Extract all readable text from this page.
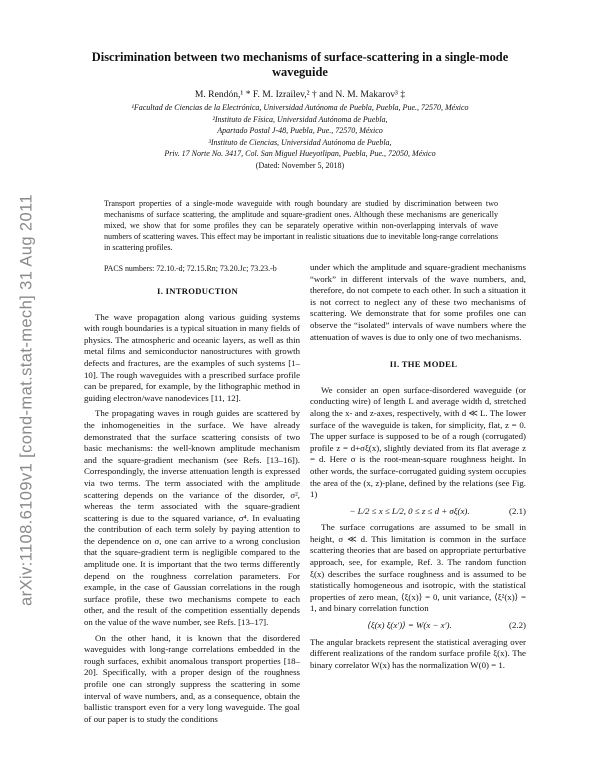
arXiv:1108.6109v1 [cond-mat.stat-mech] 31 Aug 2011
Discrimination between two mechanisms of surface-scattering in a single-mode waveguide
M. Rendón,¹ * F. M. Izrailev,² † and N. M. Makarov³ ‡
¹Facultad de Ciencias de la Electrónica, Universidad Autónoma de Puebla, Puebla, Pue., 72570, México
²Instituto de Física, Universidad Autónoma de Puebla,
Apartado Postal J-48, Puebla, Pue., 72570, México
³Instituto de Ciencias, Universidad Autónoma de Puebla,
Priv. 17 Norte No. 3417, Col. San Miguel Hueyotlipan, Puebla, Pue., 72050, México
(Dated: November 5, 2018)
Transport properties of a single-mode waveguide with rough boundary are studied by discrimination between two mechanisms of surface scattering, the amplitude and square-gradient ones. Although these mechanisms are generically mixed, we show that for some profiles they can be separately operative within non-overlapping intervals of wave numbers of scattering waves. This effect may be important in realistic situations due to inevitable long-range correlations in scattering profiles.
PACS numbers: 72.10.-d; 72.15.Rn; 73.20.Jc; 73.23.-b

I. INTRODUCTION

The wave propagation along various guiding systems with rough boundaries is a typical situation in many fields of physics. The atmospheric and oceanic layers, as well as thin metal films and semiconductor nanostructures with growth defects and fractures, are the examples of such systems [1–10]. The rough waveguides with a prescribed surface profile can be prepared, for example, by the lithographic method in guiding electron/wave nanodevices [11, 12].

The propagating waves in rough guides are scattered by the inhomogeneities in the surface. We have already demonstrated that the surface scattering consists of two basic mechanisms: the well-known amplitude mechanism and the square-gradient mechanism (see Refs. [13–16]). Correspondingly, the inverse attenuation length is expressed via two terms. The term associated with the amplitude scattering depends on the variance of the disorder, σ², whereas the term associated with the square-gradient scattering is due to the squared variance, σ⁴. In evaluating the contribution of each term solely by paying attention to the dependence on σ, one can arrive to a wrong conclusion that the square-gradient term is negligible compared to the amplitude one. It is important that the two terms differently depend on the roughness correlation parameters. For example, in the case of Gaussian correlations in the rough surface profile, these two mechanisms compete to each other, and the result of the competition essentially depends on the value of the wave number, see Refs. [13–17].

On the other hand, it is known that the disordered waveguides with long-range correlations embedded in the rough surfaces, exhibit anomalous transport properties [18–20]. Specifically, with a proper design of the roughness profile one can strongly suppress the scattering in some interval of wave numbers, and, as a consequence, obtain the ballistic transport even for a very long waveguide. The goal of our paper is to study the conditions

under which the amplitude and square-gradient mechanisms “work” in different intervals of the wave numbers, and, therefore, do not compete to each other. In such a situation it is not correct to neglect any of these two mechanisms of scattering. We demonstrate that for some profiles one can observe the “isolated” intervals of wave numbers where the attenuation of waves is due to only one of two mechanisms.

II. THE MODEL

We consider an open surface-disordered waveguide (or conducting wire) of length L and average width d, stretched along the x- and z-axes, respectively, with d ≪ L. The lower surface of the waveguide is taken, for simplicity, flat, z = 0. The upper surface is supposed to be of a rough (corrugated) profile z = d+σξ(x), slightly deviated from its flat average z = d. Here σ is the root-mean-square roughness height. In other words, the surface-corrugated guiding system occupies the area of the (x, z)-plane, defined by the relations (see Fig. 1)

− L/2 ≤ x ≤ L/2, 0 ≤ z ≤ d + σξ(x).	(2.1)

The surface corrugations are assumed to be small in height, σ ≪ d. This limitation is common in the surface scattering theories that are based on appropriate perturbative approach, see, for example, Ref. 3. The random function ξ(x) describes the surface roughness and is assumed to be statistically homogeneous and isotropic, with the statistical properties of zero mean, ⟨ξ(x)⟩ = 0, unit variance, ⟨ξ²(x)⟩ = 1, and binary correlation function

⟨ξ(x) ξ(x′)⟩ = W(x − x′).	(2.2)

The angular brackets represent the statistical averaging over different realizations of the random surface profile ξ(x). The binary correlator W(x) has the normalization W(0) = 1.
